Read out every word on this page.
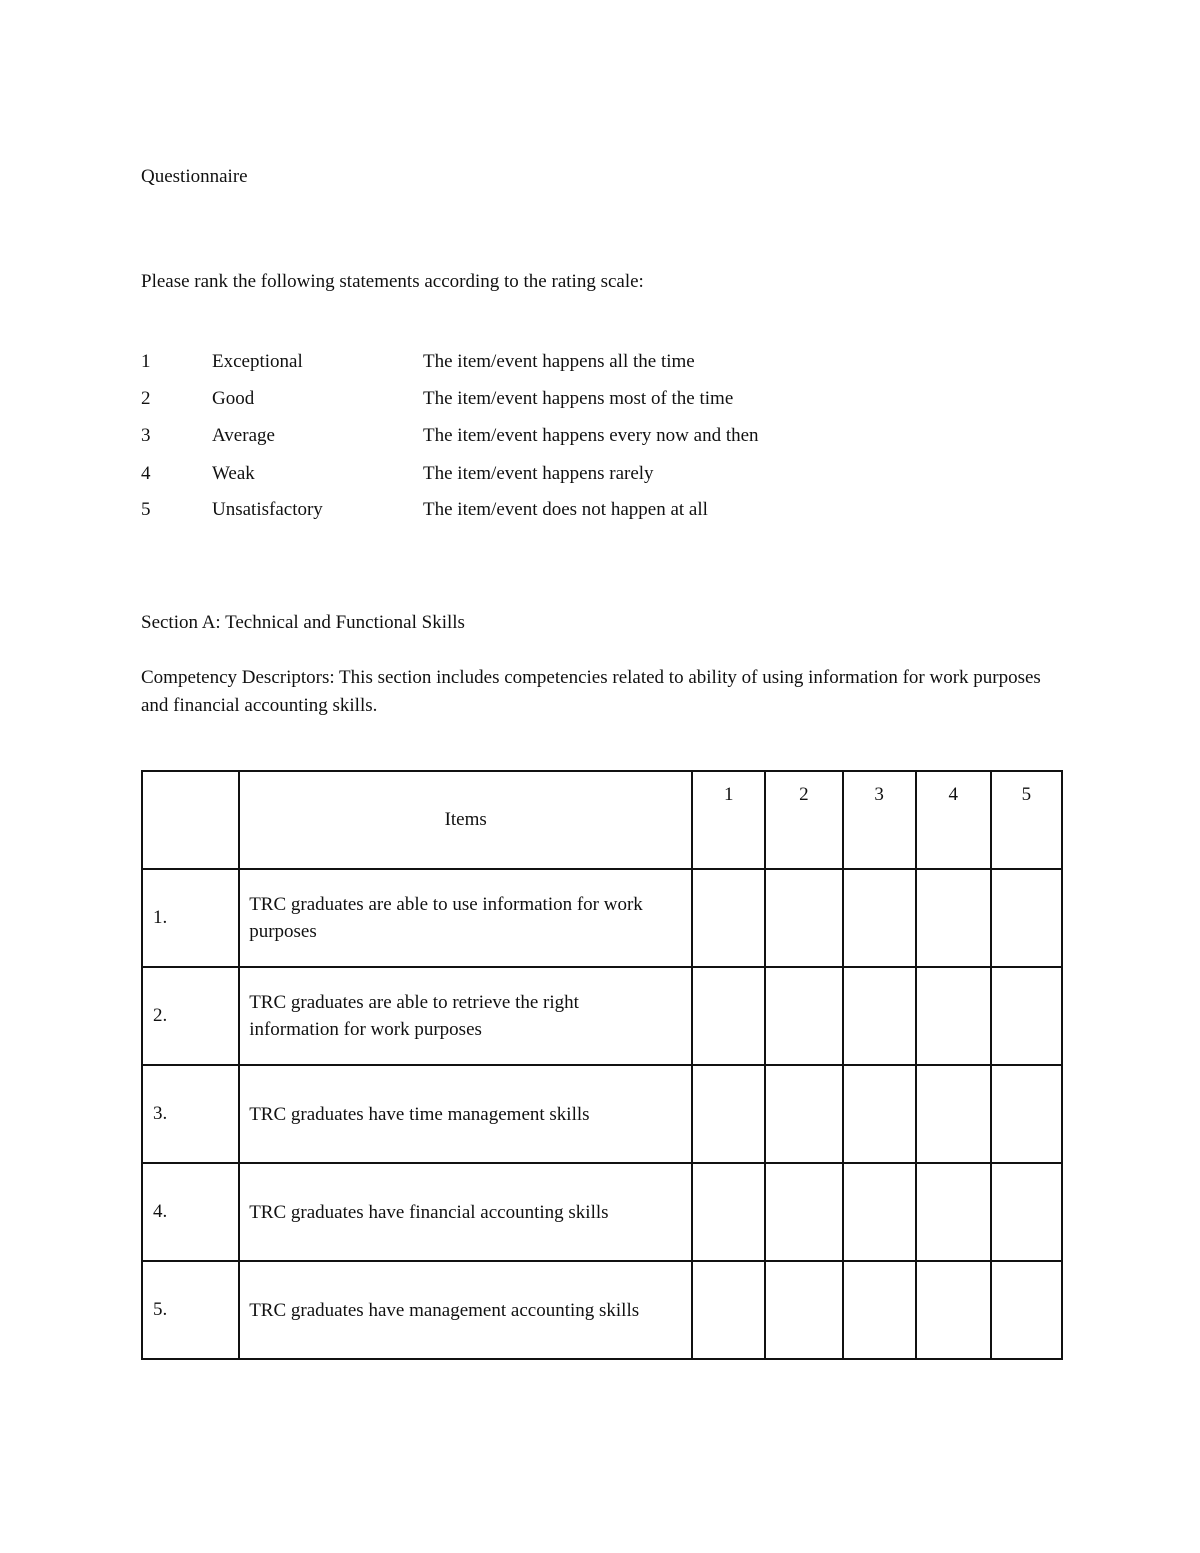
Questionnaire
Please rank the following statements according to the rating scale:
1	Exceptional	The item/event happens all the time
2	Good	The item/event happens most of the time
3	Average	The item/event happens every now and then
4	Weak	The item/event happens rarely
5	Unsatisfactory	The item/event does not happen at all
Section A: Technical and Functional Skills
Competency Descriptors: This section includes competencies related to ability of using information for work purposes and financial accounting skills.
	Items	1	2	3	4	5
1.	TRC graduates are able to use information for work purposes					
2.	TRC graduates are able to retrieve the right information for work purposes					
3.	TRC graduates have time management skills					
4.	TRC graduates have financial accounting skills					
5.	TRC graduates have management accounting skills					
